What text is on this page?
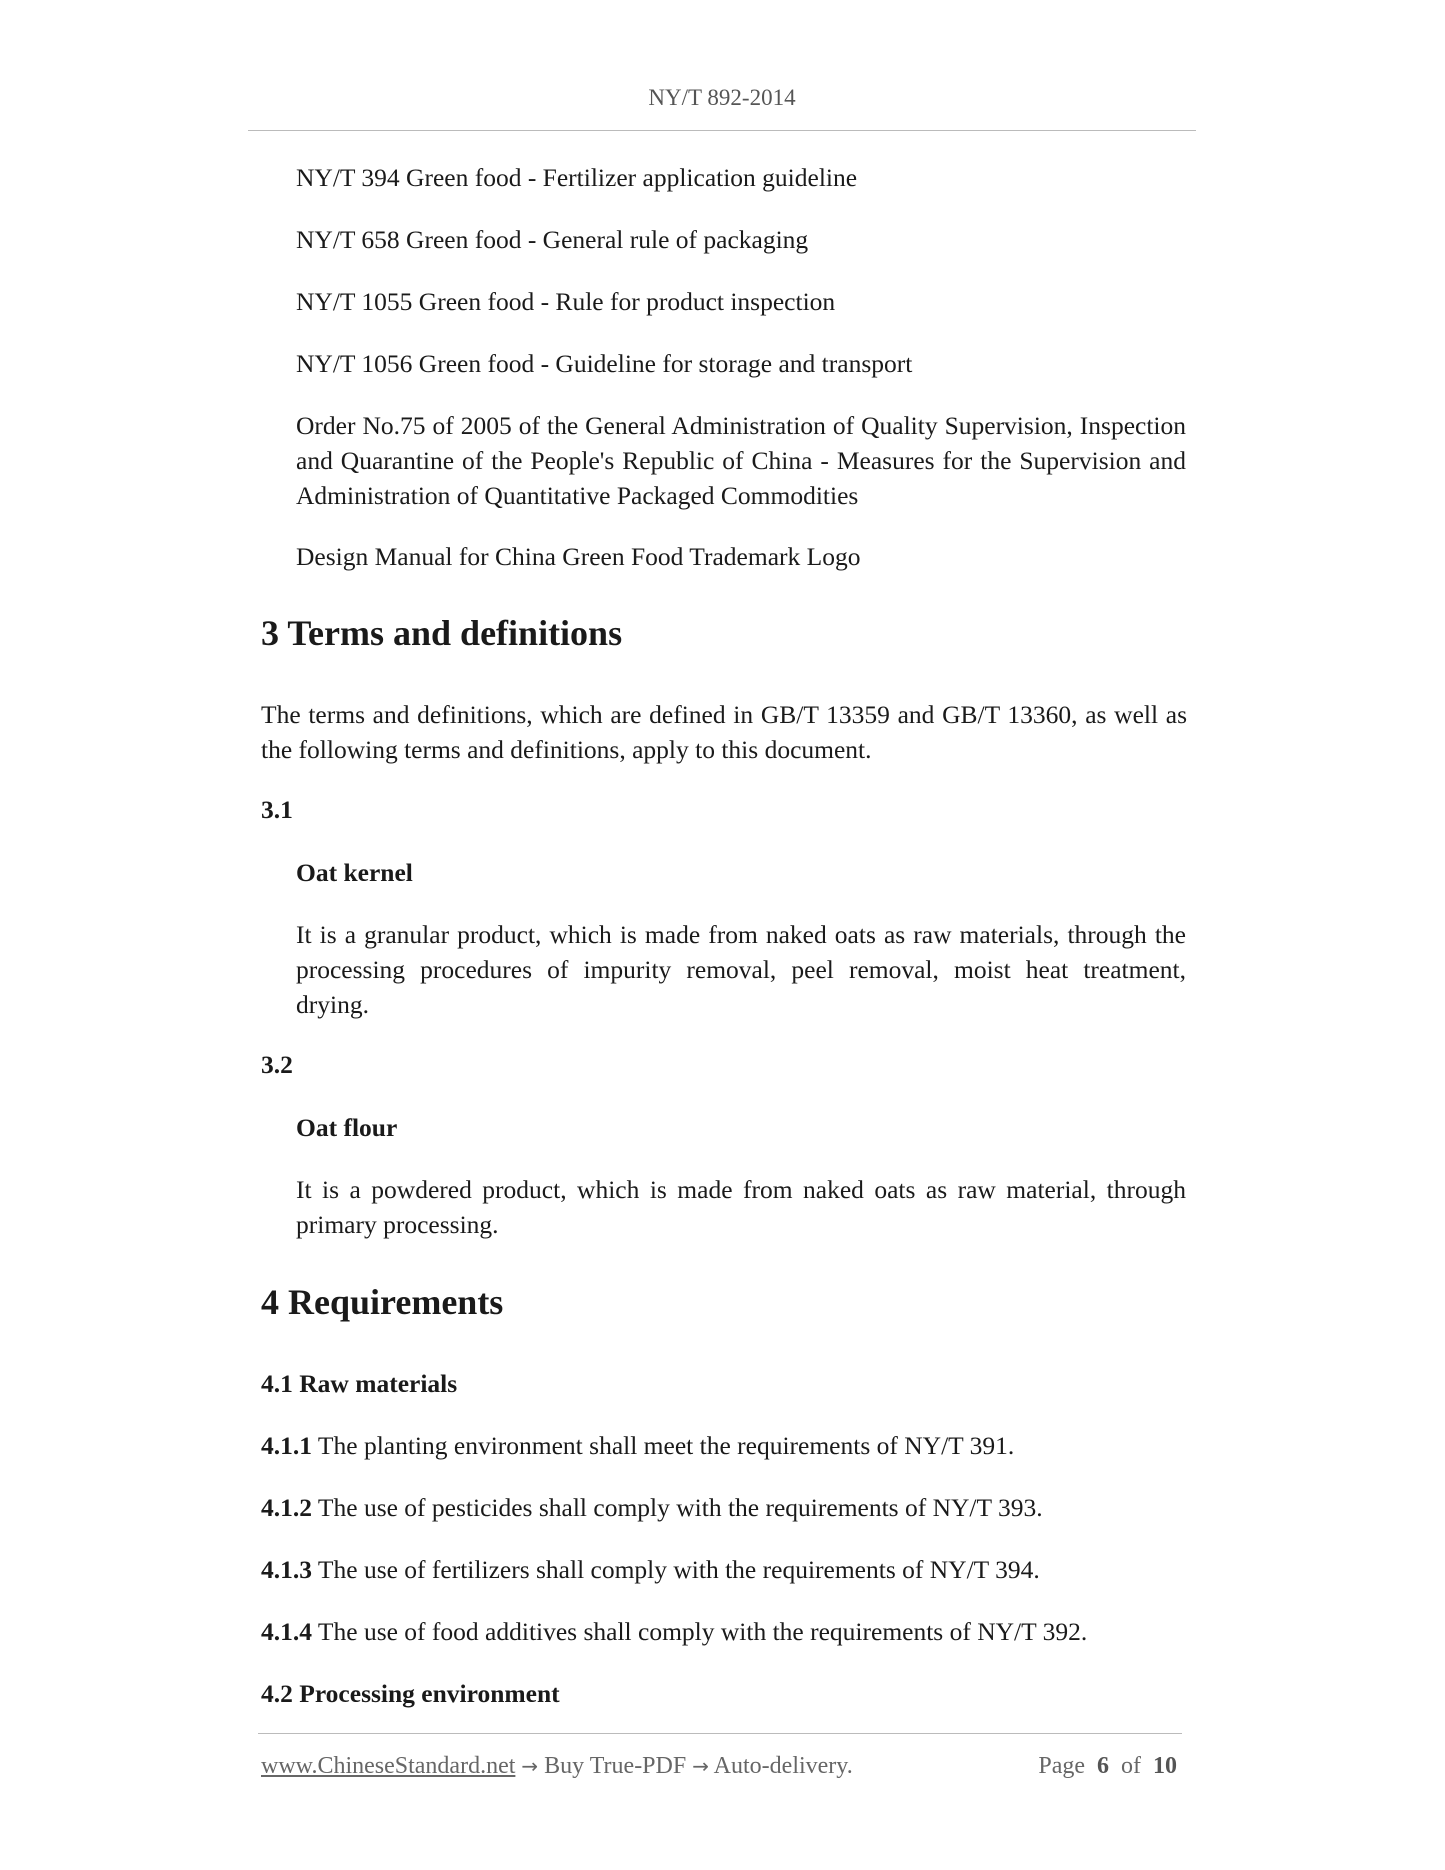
NY/T 892-2014
NY/T 394 Green food - Fertilizer application guideline
NY/T 658 Green food - General rule of packaging
NY/T 1055 Green food - Rule for product inspection
NY/T 1056 Green food - Guideline for storage and transport
Order No.75 of 2005 of the General Administration of Quality Supervision, Inspection and Quarantine of the People's Republic of China - Measures for the Supervision and Administration of Quantitative Packaged Commodities
Design Manual for China Green Food Trademark Logo
3 Terms and definitions
The terms and definitions, which are defined in GB/T 13359 and GB/T 13360, as well as the following terms and definitions, apply to this document.
3.1
Oat kernel
It is a granular product, which is made from naked oats as raw materials, through the processing procedures of impurity removal, peel removal, moist heat treatment, drying.
3.2
Oat flour
It is a powdered product, which is made from naked oats as raw material, through primary processing.
4 Requirements
4.1 Raw materials
4.1.1 The planting environment shall meet the requirements of NY/T 391.
4.1.2 The use of pesticides shall comply with the requirements of NY/T 393.
4.1.3 The use of fertilizers shall comply with the requirements of NY/T 394.
4.1.4 The use of food additives shall comply with the requirements of NY/T 392.
4.2 Processing environment
www.ChineseStandard.net → Buy True-PDF → Auto-delivery.	Page 6 of 10
